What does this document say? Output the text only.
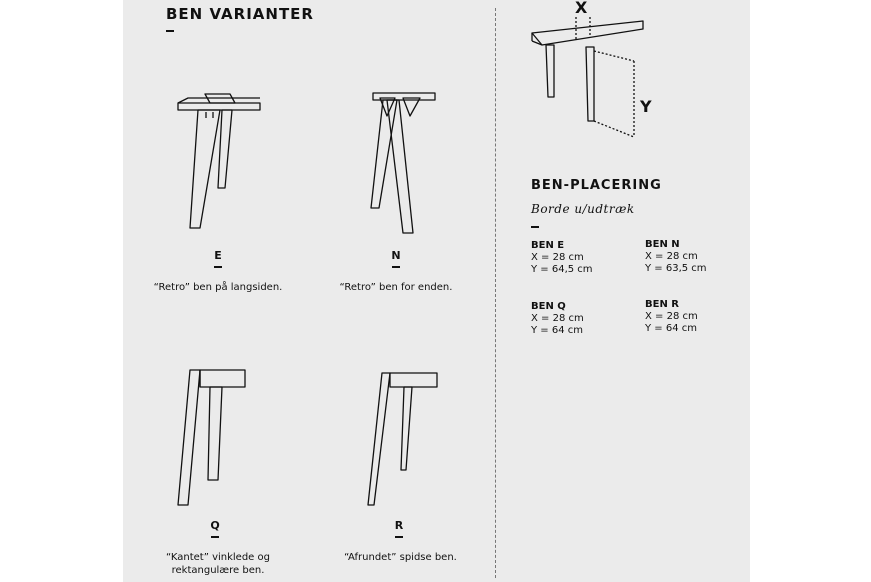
BEN VARIANTER
E
“Retro” ben på langsiden.
N
“Retro” ben for enden.
Q
“Kantet” vinklede og
rektangulære ben.
R
“Afrundet” spidse ben.
X
Y
BEN-PLACERING
Borde u/udtræk
BEN E
X = 28 cm
Y = 64,5 cm
BEN N
X = 28 cm
Y = 63,5 cm
BEN Q
X = 28 cm
Y = 64 cm
BEN R
X = 28 cm
Y = 64 cm
